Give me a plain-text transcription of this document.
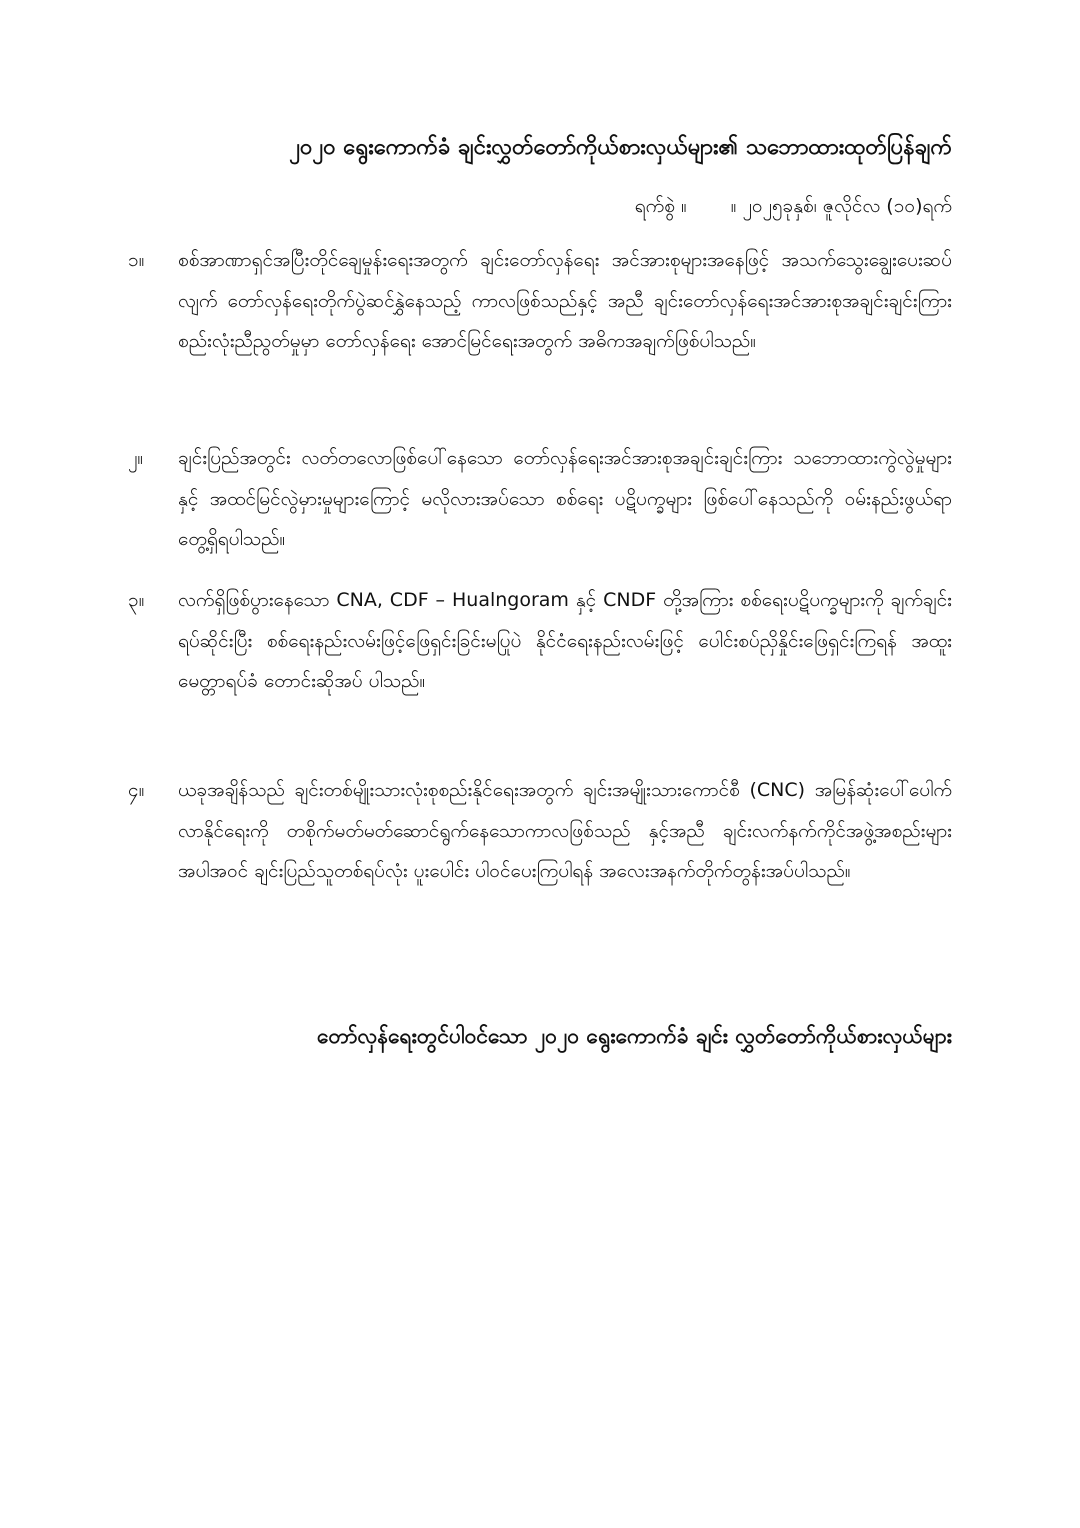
၂၀၂၀ ရွေးကောက်ခံ ချင်းလွှတ်တော်ကိုယ်စားလှယ်များ၏ သဘောထားထုတ်ပြန်ချက်
ရက်စွဲ ။ ။ ၂၀၂၅ခုနှစ်၊ ဇူလိုင်လ (၁၀)ရက်
၁။	စစ်အာဏာရှင်အပြီးတိုင်ချေမှုန်းရေးအတွက် ချင်းတော်လှန်ရေး အင်အားစုများအနေဖြင့် အသက်သွေးချွေးပေးဆပ်လျက် တော်လှန်ရေးတိုက်ပွဲဆင်နွှဲနေသည့် ကာလဖြစ်သည်နှင့် အညီ ချင်းတော်လှန်ရေးအင်အားစုအချင်းချင်းကြား စည်းလုံးညီညွတ်မှုမှာ တော်လှန်ရေး အောင်မြင်ရေးအတွက် အဓိကအချက်ဖြစ်ပါသည်။
၂။	ချင်းပြည်အတွင်း လတ်တလောဖြစ်ပေါ်နေသော တော်လှန်ရေးအင်အားစုအချင်းချင်းကြား သဘောထားကွဲလွဲမှုများနှင့် အထင်မြင်လွဲမှားမှုများကြောင့် မလိုလားအပ်သော စစ်ရေး ပဋိပက္ခများ ဖြစ်ပေါ်နေသည်ကို ဝမ်းနည်းဖွယ်ရာ တွေ့ရှိရပါသည်။
၃။	လက်ရှိဖြစ်ပွားနေသော CNA, CDF – Hualngoram နှင့် CNDF တို့အကြား စစ်ရေးပဋိပက္ခများကို ချက်ချင်းရပ်ဆိုင်းပြီး စစ်ရေးနည်းလမ်းဖြင့်ဖြေရှင်းခြင်းမပြုပဲ နိုင်ငံရေးနည်းလမ်းဖြင့် ပေါင်းစပ်ညှိနှိုင်းဖြေရှင်းကြရန် အထူးမေတ္တာရပ်ခံ တောင်းဆိုအပ် ပါသည်။
၄။	ယခုအချိန်သည် ချင်းတစ်မျိုးသားလုံးစုစည်းနိုင်ရေးအတွက် ချင်းအမျိုးသားကောင်စီ (CNC) အမြန်ဆုံးပေါ်ပေါက်လာနိုင်ရေးကို တစိုက်မတ်မတ်ဆောင်ရွက်နေသောကာလဖြစ်သည် နှင့်အညီ ချင်းလက်နက်ကိုင်အဖွဲ့အစည်းများအပါအဝင် ချင်းပြည်သူတစ်ရပ်လုံး ပူးပေါင်း ပါဝင်ပေးကြပါရန် အလေးအနက်တိုက်တွန်းအပ်ပါသည်။
တော်လှန်ရေးတွင်ပါဝင်သော ၂၀၂၀ ရွေးကောက်ခံ ချင်း လွှတ်တော်ကိုယ်စားလှယ်များ
